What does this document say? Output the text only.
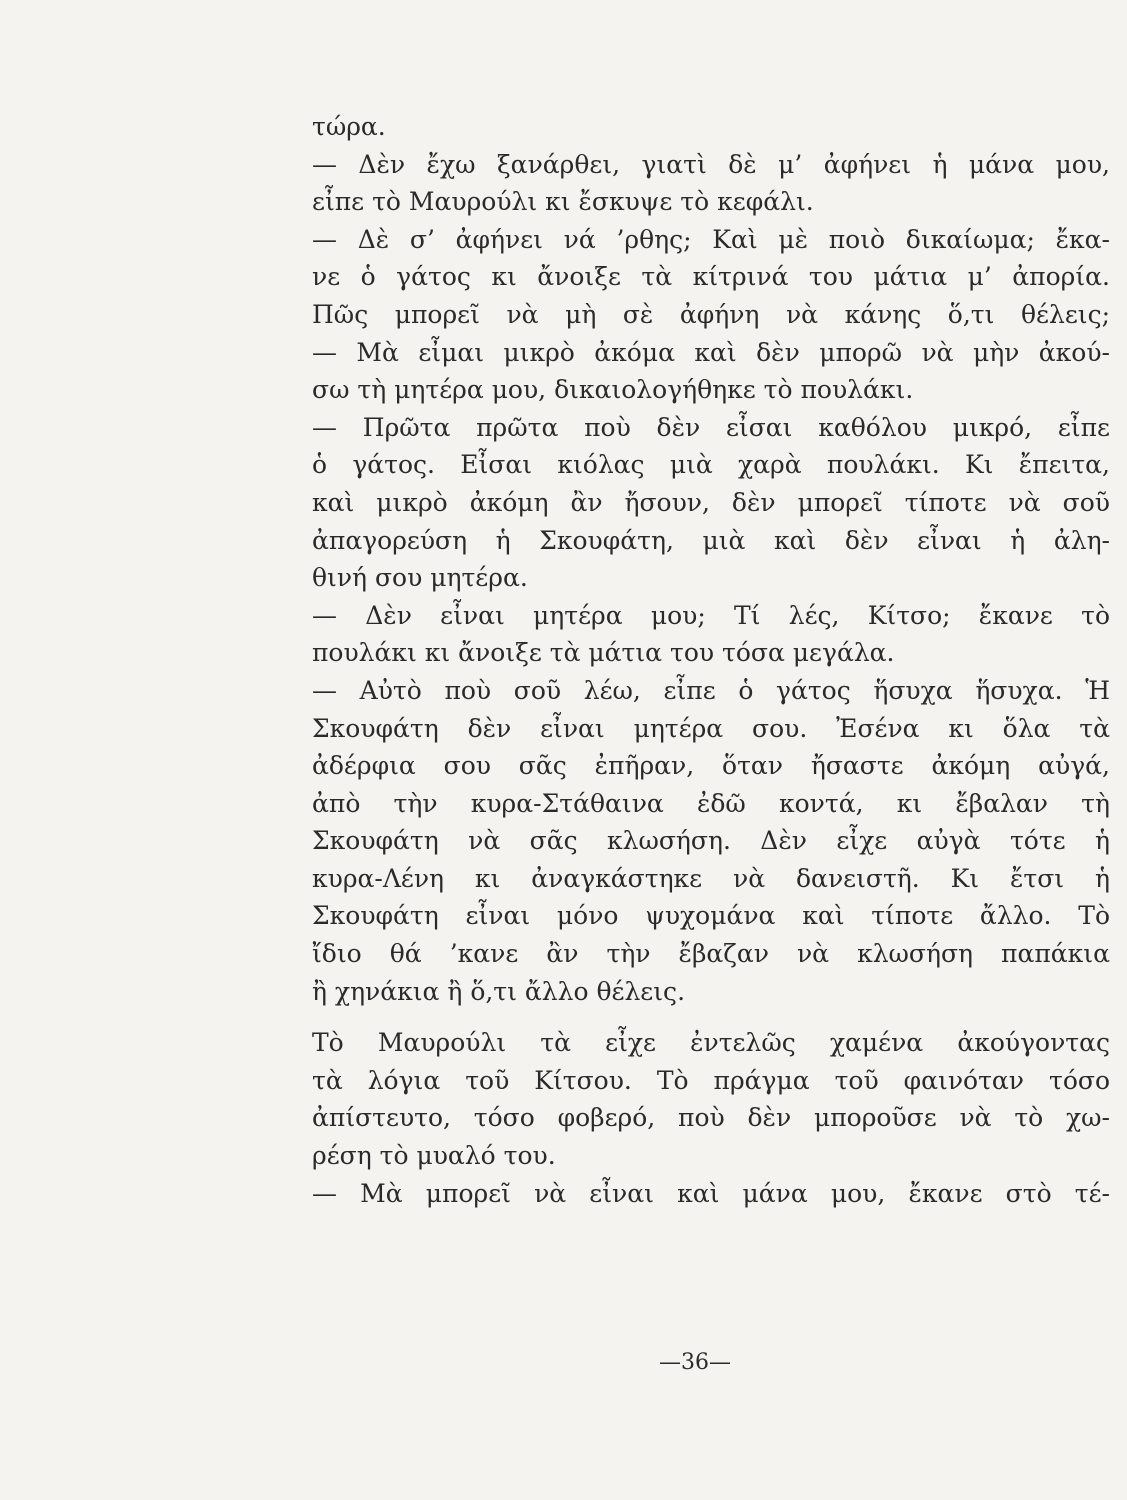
τώρα.
— Δὲν ἔχω ξανάρθει, γιατὶ δὲ μ’ ἀφήνει ἡ μάνα μου,
εἶπε τὸ Μαυρούλι κι ἔσκυψε τὸ κεφάλι.
— Δὲ σ’ ἀφήνει νά ’ρθης; Καὶ μὲ ποιὸ δικαίωμα; ἔκα-
νε ὁ γάτος κι ἄνοιξε τὰ κίτρινά του μάτια μ’ ἀπορία.
Πῶς μπορεῖ νὰ μὴ σὲ ἀφήνη νὰ κάνης ὅ,τι θέλεις;
— Μὰ εἶμαι μικρὸ ἀκόμα καὶ δὲν μπορῶ νὰ μὴν ἀκού-
σω τὴ μητέρα μου, δικαιολογήθηκε τὸ πουλάκι.
— Πρῶτα πρῶτα ποὺ δὲν εἶσαι καθόλου μικρό, εἶπε
ὁ γάτος. Εἶσαι κιόλας μιὰ χαρὰ πουλάκι. Κι ἔπειτα,
καὶ μικρὸ ἀκόμη ἂν ἤσουν, δὲν μπορεῖ τίποτε νὰ σοῦ
ἀπαγορεύση ἡ Σκουφάτη, μιὰ καὶ δὲν εἶναι ἡ ἀλη-
θινή σου μητέρα.
— Δὲν εἶναι μητέρα μου; Τί λές, Κίτσο; ἔκανε τὸ
πουλάκι κι ἄνοιξε τὰ μάτια του τόσα μεγάλα.
— Αὐτὸ ποὺ σοῦ λέω, εἶπε ὁ γάτος ἥσυχα ἥσυχα. Ἡ
Σκουφάτη δὲν εἶναι μητέρα σου. Ἐσένα κι ὅλα τὰ
ἀδέρφια σου σᾶς ἐπῆραν, ὅταν ἤσαστε ἀκόμη αὐγά,
ἀπὸ τὴν κυρα-Στάθαινα ἐδῶ κοντά, κι ἔβαλαν τὴ
Σκουφάτη νὰ σᾶς κλωσήση. Δὲν εἶχε αὐγὰ τότε ἡ
κυρα-Λένη κι ἀναγκάστηκε νὰ δανειστῆ. Κι ἔτσι ἡ
Σκουφάτη εἶναι μόνο ψυχομάνα καὶ τίποτε ἄλλο. Τὸ
ἴδιο θά ’κανε ἂν τὴν ἔβαζαν νὰ κλωσήση παπάκια
ἢ χηνάκια ἢ ὅ,τι ἄλλο θέλεις.
Τὸ Μαυρούλι τὰ εἶχε ἐντελῶς χαμένα ἀκούγοντας
τὰ λόγια τοῦ Κίτσου. Τὸ πράγμα τοῦ φαινόταν τόσο
ἀπίστευτο, τόσο φοβερό, ποὺ δὲν μποροῦσε νὰ τὸ χω-
ρέση τὸ μυαλό του.
— Μὰ μπορεῖ νὰ εἶναι καὶ μάνα μου, ἔκανε στὸ τέ-
—36—
